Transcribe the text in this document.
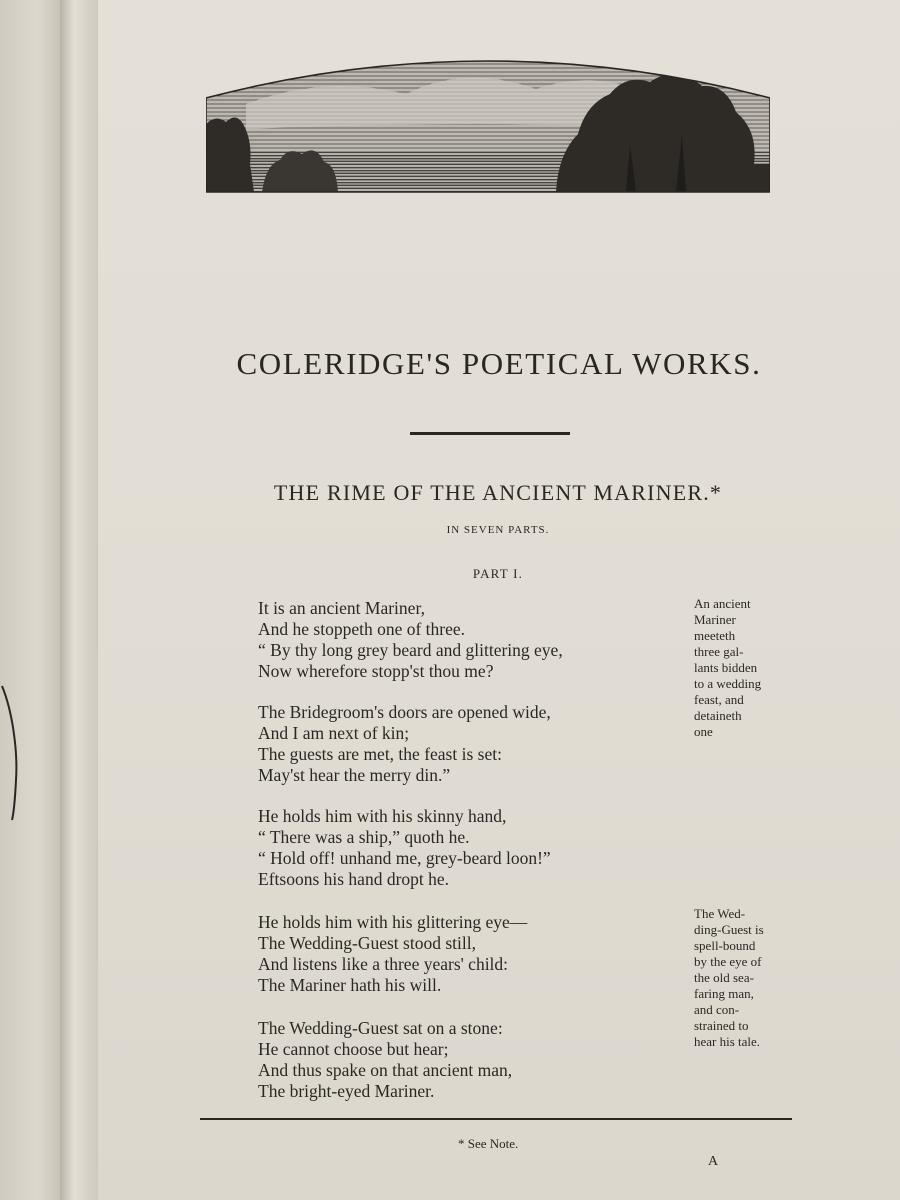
COLERIDGE'S POETICAL WORKS.
THE RIME OF THE ANCIENT MARINER.*
IN SEVEN PARTS.
PART I.
It is an ancient Mariner,
And he stoppeth one of three.
“ By thy long grey beard and glittering eye,
Now wherefore stopp'st thou me?
The Bridegroom's doors are opened wide,
And I am next of kin;
The guests are met, the feast is set:
May'st hear the merry din.”
He holds him with his skinny hand,
“ There was a ship,” quoth he.
“ Hold off! unhand me, grey-beard loon!”
Eftsoons his hand dropt he.
He holds him with his glittering eye—
The Wedding-Guest stood still,
And listens like a three years' child:
The Mariner hath his will.
The Wedding-Guest sat on a stone:
He cannot choose but hear;
And thus spake on that ancient man,
The bright-eyed Mariner.
An ancient
Mariner
meeteth
three gal-
lants bidden
to a wedding
feast, and
detaineth
one
The Wed-
ding-Guest is
spell-bound
by the eye of
the old sea-
faring man,
and con-
strained to
hear his tale.
* See Note.
A
